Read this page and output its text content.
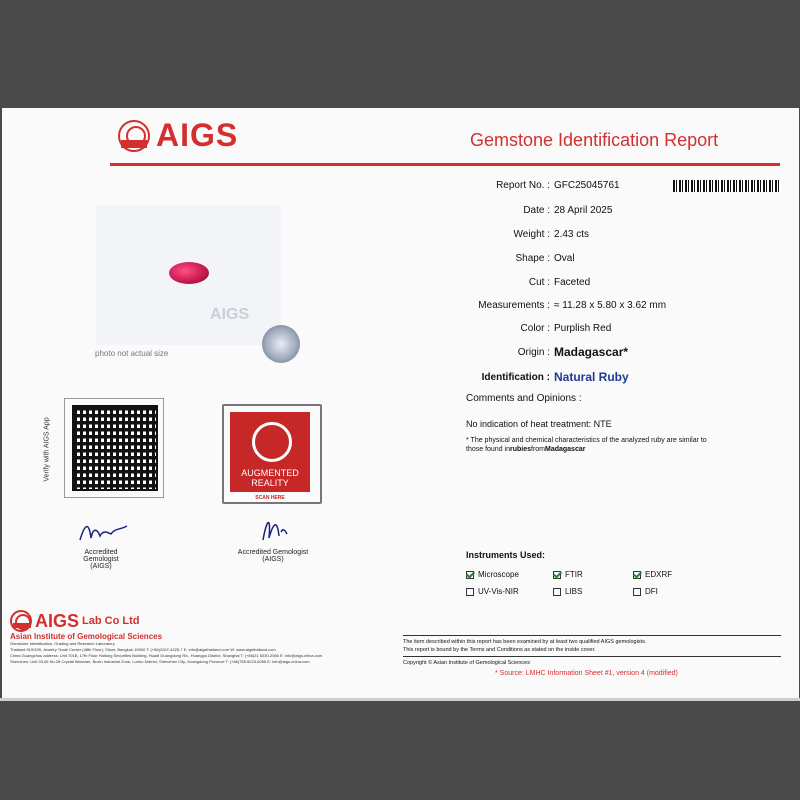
AIGS	Gemstone Identification Report
Report No. : GFC25045761
Date : 28 April 2025
Weight : 2.43 cts
Shape : Oval
Cut : Faceted
Measurements : ≈ 11.28 x 5.80 x 3.62 mm
Color : Purplish Red
Origin : Madagascar*
Identification : Natural Ruby
Comments and Opinions :
No indication of heat treatment: NTE
* The physical and chemical characteristics of the analyzed ruby are similar to
those found in rubies from Madagascar
AIGS
photo not actual size
Verify with AIGS App	AUGMENTED
REALITY
SCAN HERE
Accredited Gemologist
(AIGS)
Accredited Gemologist
(AIGS)	Instruments Used:
Microscope	FTIR	EDXRF
UV-Vis-NIR	LIBS	DFI
AIGS Lab Co Ltd
Asian Institute of Gemological Sciences
Gemstone Identification, Grading and Research Laboratory
Thailand 919/339, Jewelry Trade Center (48th Floor), Silom, Bangkok 10500 T: (+66)2267-4325-7 E: info@aigsthailand.com W: www.aigsthailand.com
China Guangzhou address: Unit 701B, 17th Floor Haitong Securities Building, Huadi Guangdong Rd., Huangpu District, Shanghai T: (+86)21 6030-2066 E: info@aigs-china.com
Shenzhen: Unit 03,#5 No.28 Crystal Wanxian, Buxin Industrial Zone, Luohu District, Shenzhen City, Guangdong Province T: (+86)755 8223-6066 E: info@aigs-china.com
The item described within this report has been examined by at least two qualified AIGS gemologists.
This report is bound by the Terms and Conditions as stated on the inside cover.
Copyright © Asian Institute of Gemological Sciences
* Source: LMHC Information Sheet #1, version 4 (modified)
